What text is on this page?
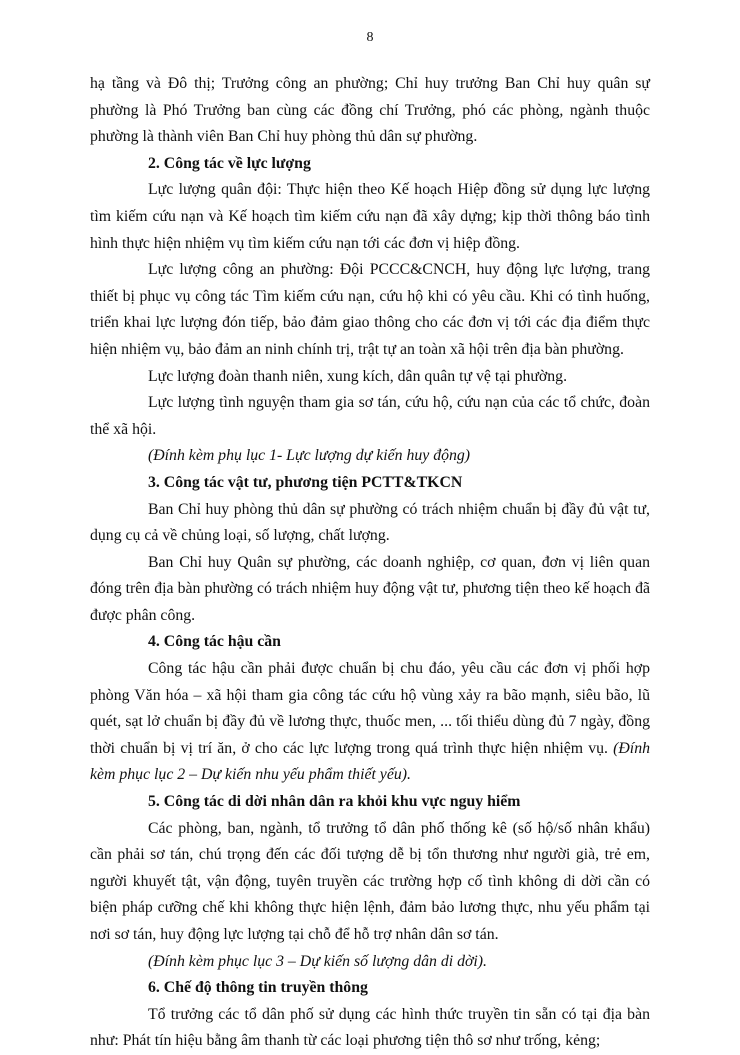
8

hạ tầng và Đô thị; Trưởng công an phường; Chỉ huy trưởng Ban Chỉ huy quân sự phường là Phó Trưởng ban cùng các đồng chí Trưởng, phó các phòng, ngành thuộc phường là thành viên Ban Chỉ huy phòng thủ dân sự phường.

2. Công tác về lực lượng

Lực lượng quân đội: Thực hiện theo Kế hoạch Hiệp đồng sử dụng lực lượng tìm kiếm cứu nạn và Kế hoạch tìm kiếm cứu nạn đã xây dựng; kịp thời thông báo tình hình thực hiện nhiệm vụ tìm kiếm cứu nạn tới các đơn vị hiệp đồng.

Lực lượng công an phường: Đội PCCC&CNCH, huy động lực lượng, trang thiết bị phục vụ công tác Tìm kiếm cứu nạn, cứu hộ khi có yêu cầu. Khi có tình huống, triển khai lực lượng đón tiếp, bảo đảm giao thông cho các đơn vị tới các địa điểm thực hiện nhiệm vụ, bảo đảm an ninh chính trị, trật tự an toàn xã hội trên địa bàn phường.

Lực lượng đoàn thanh niên, xung kích, dân quân tự vệ tại phường.

Lực lượng tình nguyện tham gia sơ tán, cứu hộ, cứu nạn của các tổ chức, đoàn thể xã hội.

(Đính kèm phụ lục 1- Lực lượng dự kiến huy động)

3. Công tác vật tư, phương tiện PCTT&TKCN

Ban Chỉ huy phòng thủ dân sự phường có trách nhiệm chuẩn bị đầy đủ vật tư, dụng cụ cả về chủng loại, số lượng, chất lượng.

Ban Chỉ huy Quân sự phường, các doanh nghiệp, cơ quan, đơn vị liên quan đóng trên địa bàn phường có trách nhiệm huy động vật tư, phương tiện theo kế hoạch đã được phân công.

4. Công tác hậu cần

Công tác hậu cần phải được chuẩn bị chu đáo, yêu cầu các đơn vị phối hợp phòng Văn hóa – xã hội tham gia công tác cứu hộ vùng xảy ra bão mạnh, siêu bão, lũ quét, sạt lở chuẩn bị đầy đủ về lương thực, thuốc men, ... tối thiểu dùng đủ 7 ngày, đồng thời chuẩn bị vị trí ăn, ở cho các lực lượng trong quá trình thực hiện nhiệm vụ. (Đính kèm phục lục 2 – Dự kiến nhu yếu phẩm thiết yếu).

5. Công tác di dời nhân dân ra khỏi khu vực nguy hiểm

Các phòng, ban, ngành, tổ trưởng tổ dân phố thống kê (số hộ/số nhân khẩu) cần phải sơ tán, chú trọng đến các đối tượng dễ bị tổn thương như người già, trẻ em, người khuyết tật, vận động, tuyên truyền các trường hợp cố tình không di dời cần có biện pháp cưỡng chế khi không thực hiện lệnh, đảm bảo lương thực, nhu yếu phẩm tại nơi sơ tán, huy động lực lượng tại chỗ để hỗ trợ nhân dân sơ tán.

(Đính kèm phục lục 3 – Dự kiến số lượng dân di dời).

6. Chế độ thông tin truyền thông

Tổ trưởng các tổ dân phố sử dụng các hình thức truyền tin sẵn có tại địa bàn như: Phát tín hiệu bằng âm thanh từ các loại phương tiện thô sơ như trống, kẻng;
